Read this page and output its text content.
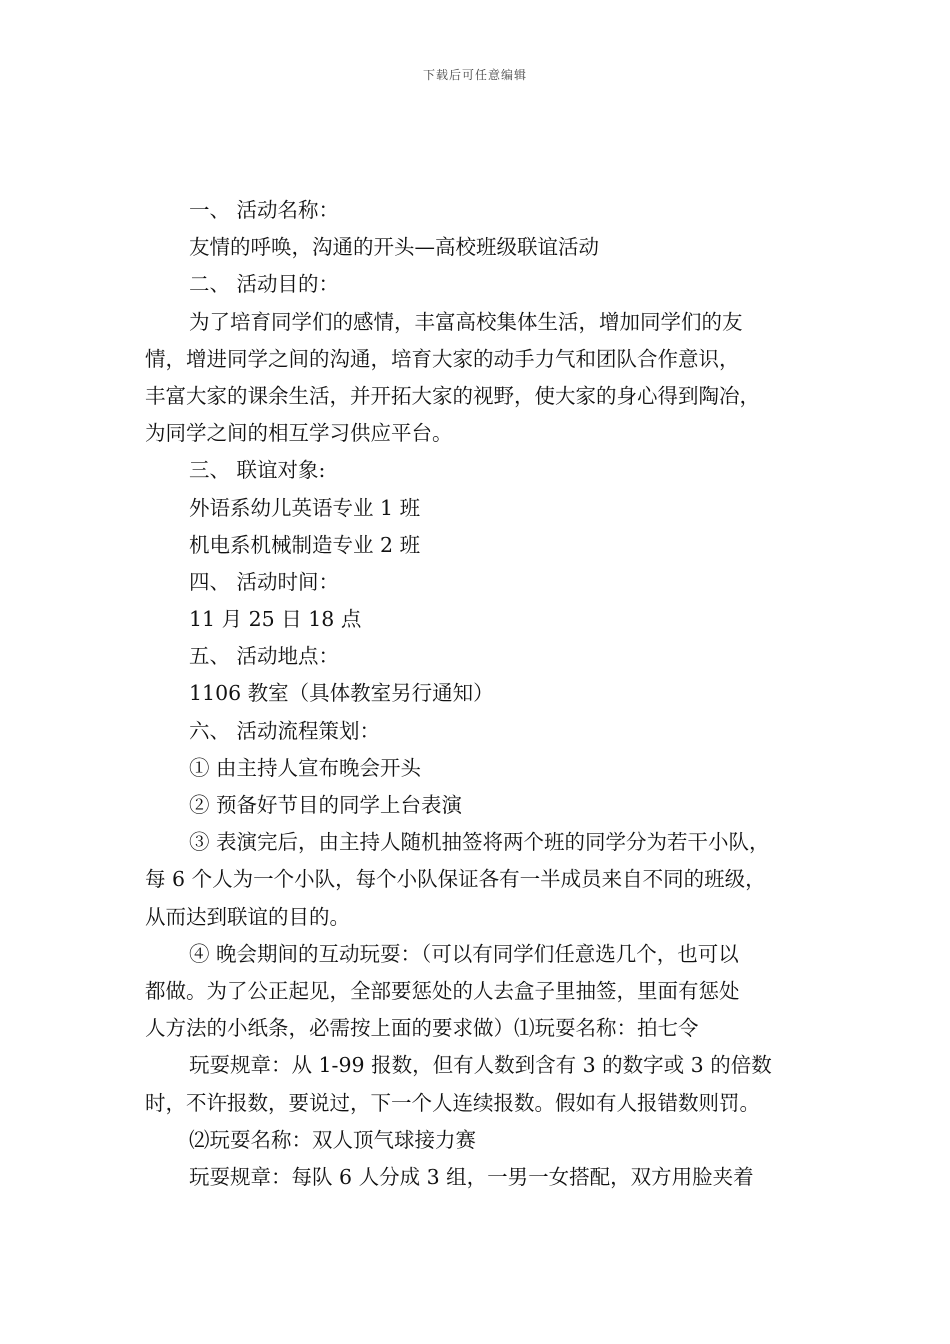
下载后可任意编辑
一、 活动名称：
友情的呼唤，沟通的开头—高校班级联谊活动
二、 活动目的：
为了培育同学们的感情，丰富高校集体生活，增加同学们的友
情，增进同学之间的沟通，培育大家的动手力气和团队合作意识，
丰富大家的课余生活，并开拓大家的视野，使大家的身心得到陶冶，
为同学之间的相互学习供应平台。
三、 联谊对象:
外语系幼儿英语专业 1 班
机电系机械制造专业 2 班
四、 活动时间：
11 月 25 日 18 点
五、 活动地点：
1106 教室（具体教室另行通知）
六、 活动流程策划：
① 由主持人宣布晚会开头
② 预备好节目的同学上台表演
③ 表演完后，由主持人随机抽签将两个班的同学分为若干小队，
每 6 个人为一个小队，每个小队保证各有一半成员来自不同的班级，
从而达到联谊的目的。
④ 晚会期间的互动玩耍：（可以有同学们任意选几个，也可以
都做。为了公正起见，全部要惩处的人去盒子里抽签，里面有惩处
人方法的小纸条，必需按上面的要求做）⑴玩耍名称：拍七令
玩耍规章：从 1-99 报数，但有人数到含有 3 的数字或 3 的倍数
时，不许报数，要说过，下一个人连续报数。假如有人报错数则罚。
⑵玩耍名称：双人顶气球接力赛
玩耍规章：每队 6 人分成 3 组，一男一女搭配，双方用脸夹着
